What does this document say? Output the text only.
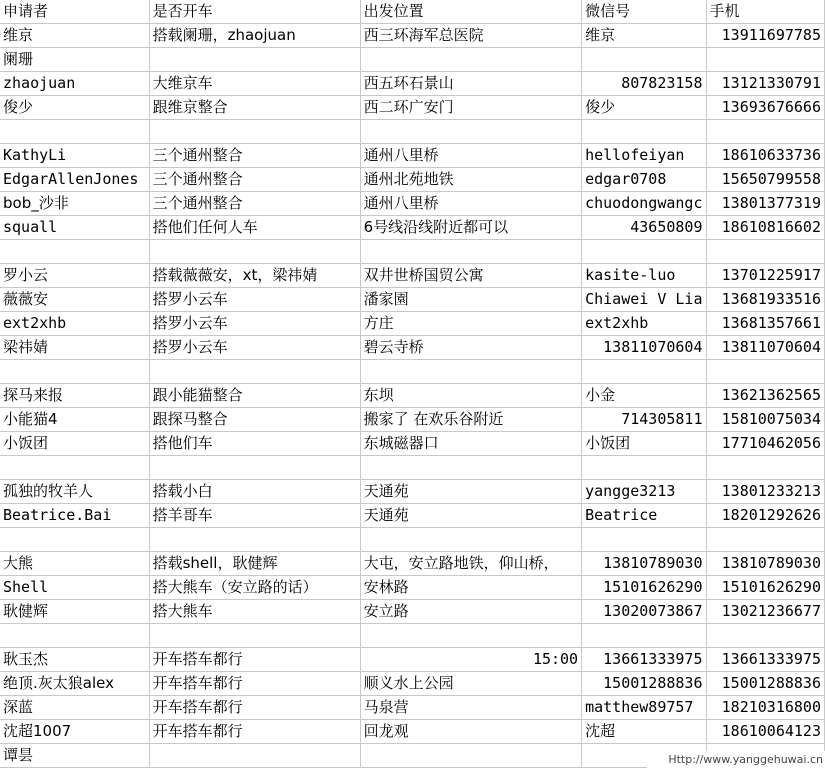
申请者	是否开车	出发位置	微信号	手机
维京	搭载阑珊，zhaojuan	西三环海军总医院	维京	13911697785
阑珊				
zhaojuan	大维京车	西五环石景山	807823158	13121330791
俊少	跟维京整合	西二环广安门	俊少	13693676666

KathyLi	三个通州整合	通州八里桥	hellofeiyan	18610633736
EdgarAllenJones	三个通州整合	通州北苑地铁	edgar0708	15650799558
bob_沙非	三个通州整合	通州八里桥	chuodongwangc	13801377319
squall	搭他们任何人车	6号线沿线附近都可以	43650809	18610816602

罗小云	搭载薇薇安，xt，梁祎婧	双井世桥国贸公寓	kasite-luo	13701225917
薇薇安	搭罗小云车	潘家園	Chiawei V Lia	13681933516
ext2xhb	搭罗小云车	方庄	ext2xhb	13681357661
梁祎婧	搭罗小云车	碧云寺桥	13811070604	13811070604

探马来报	跟小能猫整合	东坝	小金	13621362565
小能猫4	跟探马整合	搬家了 在欢乐谷附近	714305811	15810075034
小饭团	搭他们车	东城磁器口	小饭团	17710462056

孤独的牧羊人	搭载小白	天通苑	yangge3213	13801233213
Beatrice.Bai	搭羊哥车	天通苑	Beatrice	18201292626

大熊	搭载shell，耿健辉	大屯，安立路地铁，仰山桥，	13810789030	13810789030
Shell	搭大熊车（安立路的话）	安林路	15101626290	15101626290
耿健辉	搭大熊车	安立路	13020073867	13021236677

耿玉杰	开车搭车都行	15:00	13661333975	13661333975
绝顶.灰太狼alex	开车搭车都行	顺义水上公园	15001288836	15001288836
深蓝	开车搭车都行	马泉营	matthew89757	18210316800
沈超1007	开车搭车都行	回龙观	沈超	18610064123
谭昙					Http://www.yanggehuwai.cn
